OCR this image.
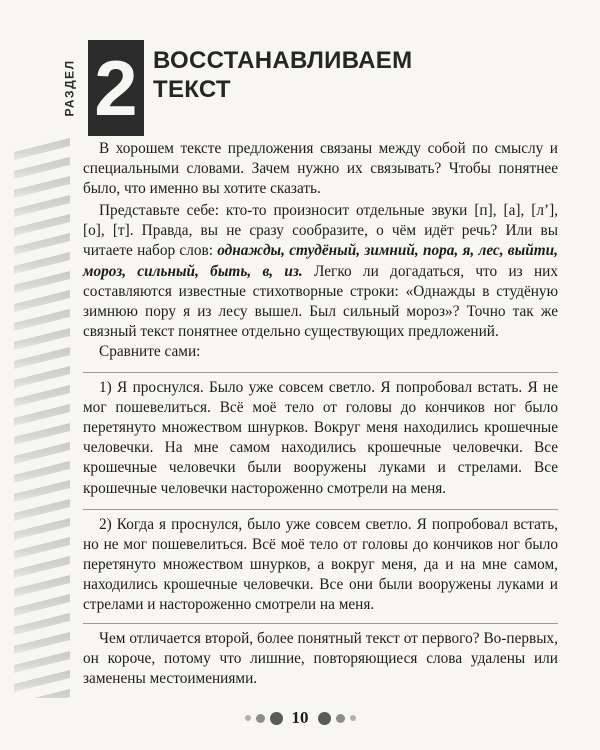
РАЗДЕЛ 2 ВОССТАНАВЛИВАЕМ
ТЕКСТ

В хорошем тексте предложения связаны между собой по смыслу и специальными словами. Зачем нужно их связывать? Чтобы понятнее было, что именно вы хотите сказать.

Представьте себе: кто-то произносит отдельные звуки [п], [а], [л’], [о], [т]. Правда, вы не сразу сообразите, о чём идёт речь? Или вы читаете набор слов: однажды, студёный, зимний, пора, я, лес, выйти, мороз, сильный, быть, в, из. Легко ли догадаться, что из них составляются известные стихотворные строки: «Однажды в студёную зимнюю пору я из лесу вышел. Был сильный мороз»? Точно так же связный текст понятнее отдельно существующих предложений.

Сравните сами:

1) Я проснулся. Было уже совсем светло. Я попробовал встать. Я не мог пошевелиться. Всё моё тело от головы до кончиков ног было перетянуто множеством шнурков. Вокруг меня находились крошечные человечки. На мне самом находились крошечные человечки. Все крошечные человечки были вооружены луками и стрелами. Все крошечные человечки настороженно смотрели на меня.

2) Когда я проснулся, было уже совсем светло. Я попробовал встать, но не мог пошевелиться. Всё моё тело от головы до кончиков ног было перетянуто множеством шнурков, а вокруг меня, да и на мне самом, находились крошечные человечки. Все они были вооружены луками и стрелами и настороженно смотрели на меня.

Чем отличается второй, более понятный текст от первого? Во-первых, он короче, потому что лишние, повторяющиеся слова удалены или заменены местоимениями.

10
